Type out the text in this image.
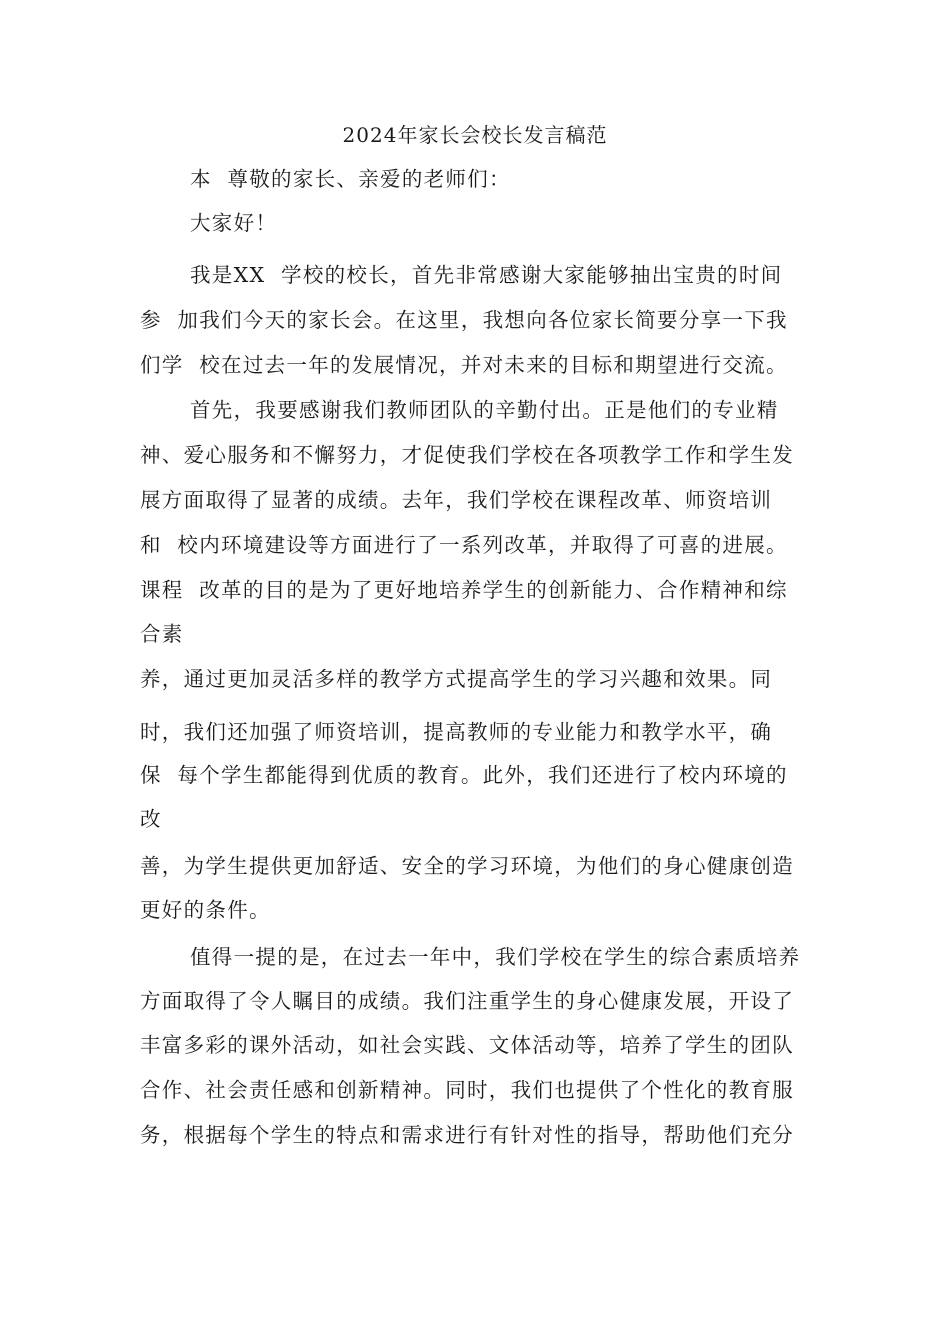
2024年家长会校长发言稿范

本  尊敬的家长、亲爱的老师们：

大家好！

我是XX  学校的校长，首先非常感谢大家能够抽出宝贵的时间

参  加我们今天的家长会。在这里，我想向各位家长简要分享一下我

们学  校在过去一年的发展情况，并对未来的目标和期望进行交流。

首先，我要感谢我们教师团队的辛勤付出。正是他们的专业精

神、爱心服务和不懈努力，才促使我们学校在各项教学工作和学生发

展方面取得了显著的成绩。去年，我们学校在课程改革、师资培训

和  校内环境建设等方面进行了一系列改革，并取得了可喜的进展。

课程  改革的目的是为了更好地培养学生的创新能力、合作精神和综

合素

养，通过更加灵活多样的教学方式提高学生的学习兴趣和效果。同

时，我们还加强了师资培训，提高教师的专业能力和教学水平，确

保  每个学生都能得到优质的教育。此外，我们还进行了校内环境的

改

善，为学生提供更加舒适、安全的学习环境，为他们的身心健康创造

更好的条件。

值得一提的是，在过去一年中，我们学校在学生的综合素质培养

方面取得了令人瞩目的成绩。我们注重学生的身心健康发展，开设了

丰富多彩的课外活动，如社会实践、文体活动等，培养了学生的团队

合作、社会责任感和创新精神。同时，我们也提供了个性化的教育服

务，根据每个学生的特点和需求进行有针对性的指导，帮助他们充分
